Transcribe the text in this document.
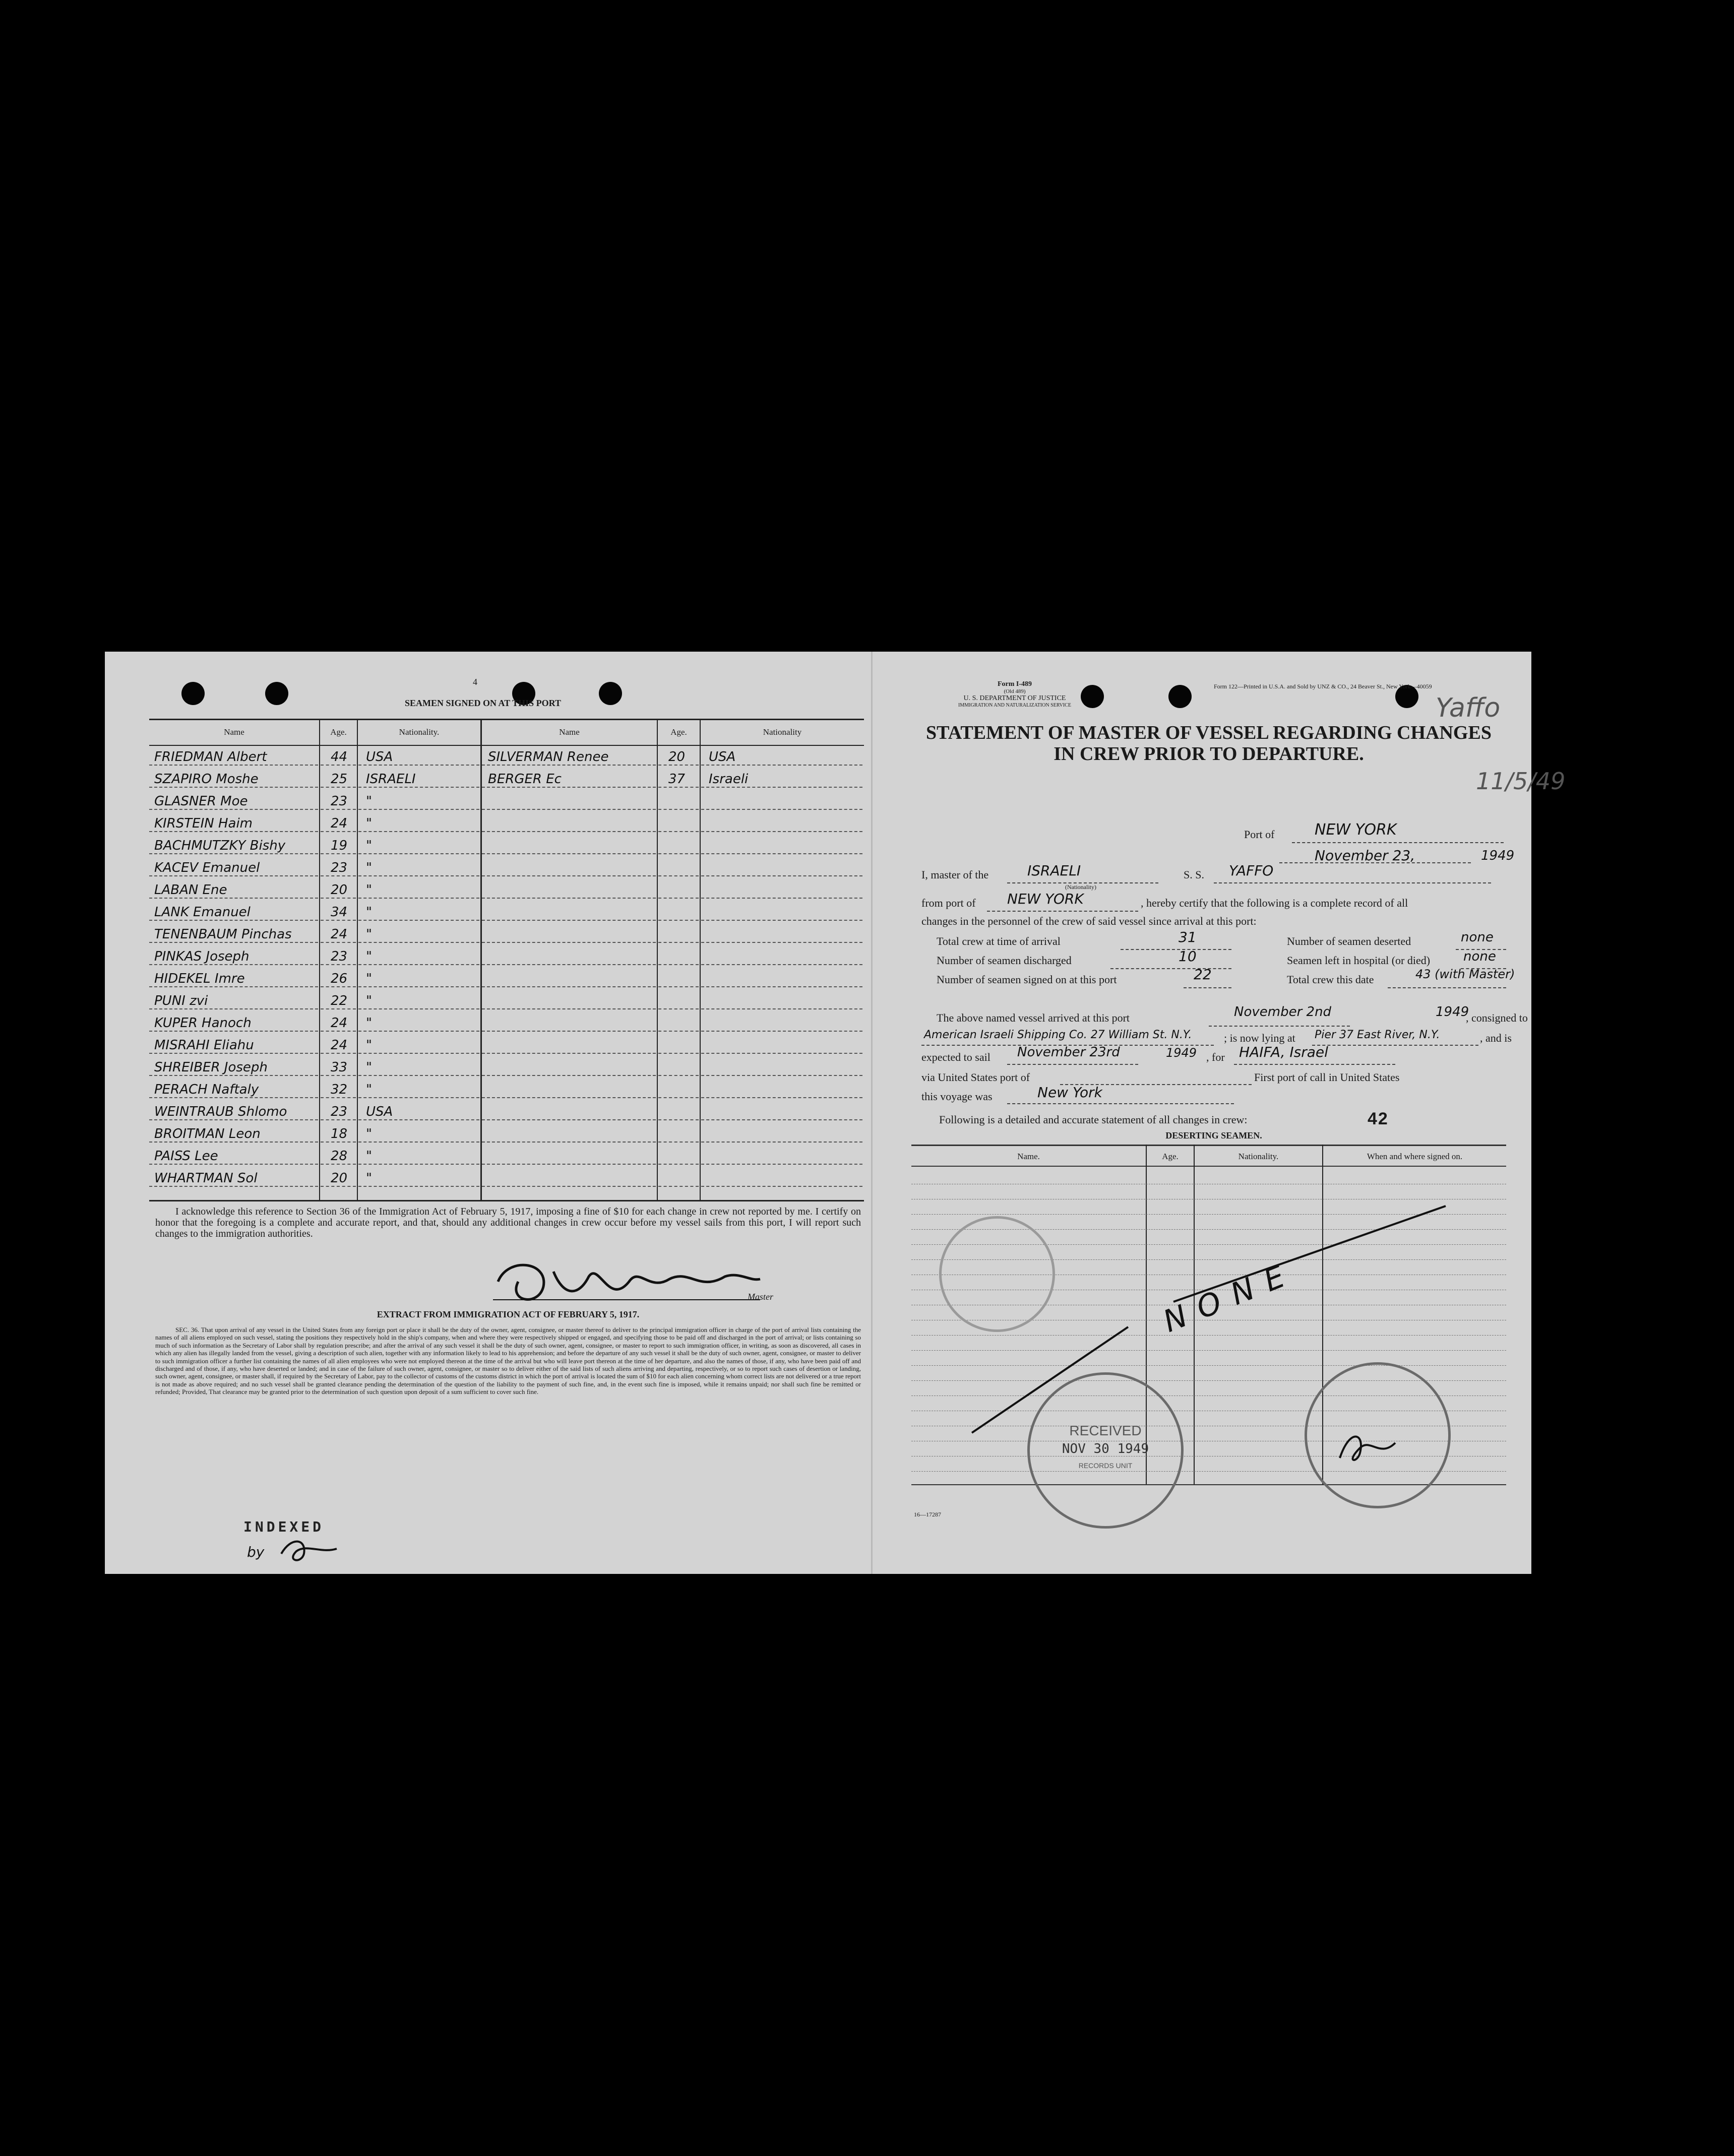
4
SEAMEN SIGNED ON AT THIS PORT
Name	Age.	Nationality.	Name	Age.	Nationality
FRIEDMAN Albert	44 USA	SILVERMAN Renee	20 USA
SZAPIRO Moshe	25 ISRAELI	BERGER Ec	37 Israeli
GLASNER Moe	23 "
KIRSTEIN Haim	24 "
BACHMUTZKY Bishy	19 "
KACEV Emanuel	23 "
LABAN Ene	20 "
LANK Emanuel	34 "
TENENBAUM Pinchas	24 "
PINKAS Joseph	23 "
HIDEKEL Imre	26 "
PUNI zvi	22 "
KUPER Hanoch	24 "
MISRAHI Eliahu	24 "
SHREIBER Joseph	33 "
PERACH Naftaly	32 "
WEINTRAUB Shlomo	23 USA
BROITMAN Leon	18 "
PAISS Lee	28 "
WHARTMAN Sol	20 "
I acknowledge this reference to Section 36 of the Immigration Act of February 5, 1917, imposing a fine of $10 for each change in crew not reported by me. I certify on honor that the foregoing is a complete and accurate report, and that, should any additional changes in crew occur before my vessel sails from this port, I will report such changes to the immigration authorities.
Master
EXTRACT FROM IMMIGRATION ACT OF FEBRUARY 5, 1917.
SEC. 36. That upon arrival of any vessel in the United States from any foreign port or place it shall be the duty of the owner, agent, consignee, or master thereof to deliver to the principal immigration officer in charge of the port of arrival lists containing the names of all aliens employed on such vessel, stating the positions they respectively hold in the ship's company, when and where they were respectively shipped or engaged, and specifying those to be paid off and discharged in the port of arrival; or lists containing so much of such information as the Secretary of Labor shall by regulation prescribe; and after the arrival of any such vessel it shall be the duty of such owner, agent, consignee, or master to report to such immigration officer, in writing, as soon as discovered, all cases in which any alien has illegally landed from the vessel, giving a description of such alien, together with any information likely to lead to his apprehension; and before the departure of any such vessel it shall be the duty of such owner, agent, consignee, or master to deliver to such immigration officer a further list containing the names of all alien employees who were not employed thereon at the time of the arrival but who will leave port thereon at the time of her departure, and also the names of those, if any, who have been paid off and discharged and of those, if any, who have deserted or landed; and in case of the failure of such owner, agent, consignee, or master so to deliver either of the said lists of such aliens arriving and departing, respectively, or so to report such cases of desertion or landing, such owner, agent, consignee, or master shall, if required by the Secretary of Labor, pay to the collector of customs of the customs district in which the port of arrival is located the sum of $10 for each alien concerning whom correct lists are not delivered or a true report is not made as above required; and no such vessel shall be granted clearance pending the determination of the question of the liability to the payment of such fine, and, in the event such fine is imposed, while it remains unpaid; nor shall such fine be remitted or refunded; Provided, That clearance may be granted prior to the determination of such question upon deposit of a sum sufficient to cover such fine.
INDEXED
by
Form I-489
(Old 489)
U. S. DEPARTMENT OF JUSTICE
IMMIGRATION AND NATURALIZATION SERVICE
Form 122—Printed in U.S.A. and Sold by UNZ & CO., 24 Beaver St., New York—40059
STATEMENT OF MASTER OF VESSEL REGARDING CHANGES
IN CREW PRIOR TO DEPARTURE.
Yaffo
11/5/49
Port of	NEW YORK
November 23,	1949
I, master of the	ISRAELI
(Nationality)
S. S. YAFFO
from port of NEW YORK	, hereby certify that the following is a complete record of all
changes in the personnel of the crew of said vessel since arrival at this port:
Total crew at time of arrival	31	Number of seamen deserted	none
Number of seamen discharged	10	Seamen left in hospital (or died)	none
Number of seamen signed on at this port	22	Total crew this date	43 (with Master)
The above named vessel arrived at this port	November 2nd	1949
, consigned to
American Israeli Shipping Co. 27 William St. N.Y.	; is now lying at Pier 37 East River, N.Y.	, and is
expected to sail November 23rd	1949 , for HAIFA, Israel
via United States port of	First port of call in United States
this voyage was	New York
Following is a detailed and accurate statement of all changes in crew:	42
DESERTING SEAMEN.
Name.	Age.	Nationality.	When and where signed on.
NONE
RECEIVED
NOV 30 1949
RECORDS UNIT
16—17287
